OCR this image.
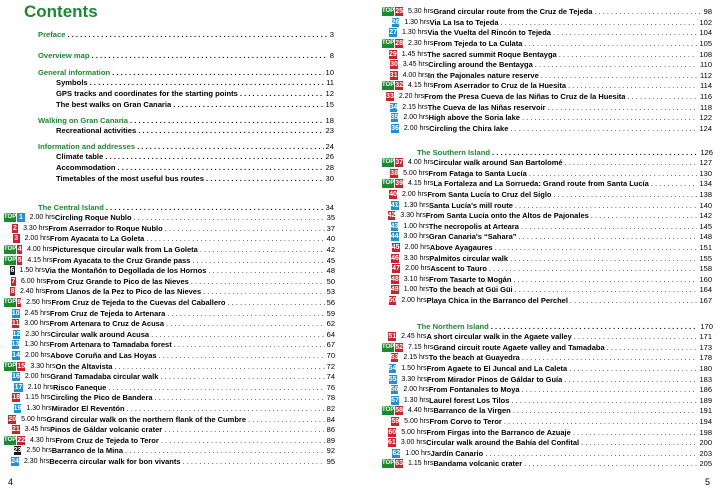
Contents
Preface . . .	3
Overview map . . .	8
General information . . .	10
Symbols . . .	11
GPS tracks and coordinates for the starting points . . .	12
The best walks on Gran Canaria . . .	15
Walking on Gran Canaria . . .	18
Recreational activities . . .	23
Information and addresses . . .	24
Climate table . . .	26
Accommodation . . .	28
Timetables of the most useful bus routes . . .	30
The Central Island . . .	34
TOP 1 2.00 hrs Circling Roque Nublo . . .	35
2 3.30 hrs From Aserrador to Roque Nublo . . .	37
3 2.00 hrs From Ayacata to La Goleta . . .	40
TOP 4 4.00 hrs Picturesque circular walk from La Goleta . . .	42
TOP 5 4.15 hrs From Ayacata to the Cruz Grande pass . . .	45
6 1.50 hrs Via the Montañón to Degollada de los Hornos . . .	48
7 6.00 hrs From Cruz Grande to Pico de las Nieves . . .	50
8 2.40 hrs From Llanos de la Pez to Pico de las Nieves . . .	53
TOP 9 2.50 hrs From Cruz de Tejeda to the Cuevas del Caballero . . .	56
10 2.45 hrs From Cruz de Tejeda to Artenara . . .	59
11 3.00 hrs From Artenara to Cruz de Acusa . . .	62
12 2.30 hrs Circular walk around Acusa . . .	64
13 1.30 hrs From Artenara to Tamadaba forest . . .	67
14 2.00 hrs Above Coruña and Las Hoyas . . .	70
TOP 15 3.30 hrs On the Altavista . . .	72
16 2.00 hrs Grand Tamadaba circular walk . . .	74
17 2.10 hrs Risco Faneque . . .	76
18 1.15 hrs Circling the Pico de Bandera . . .	78
19 1.30 hrs Mirador El Reventón . . .	82
20 5.00 hrs Grand circular walk on the northern flank of the Cumbre . . .	84
21 3.45 hrs Pinos de Gáldar volcanic crater . . .	86
TOP 22 4.30 hrs From Cruz de Tejeda to Teror . . .	89
23 2.50 hrs Barranco de la Mina . . .	92
24 2.30 hrs Becerra circular walk for bon vivants . . .	95
4
TOP 25 5.30 hrs Grand circular route from the Cruz de Tejeda . . .	98
26 1.30 hrs Via La Isa to Tejeda . . .	102
27 1.30 hrs Via the Vuelta del Rincón to Tejeda . . .	104
TOP 28 2.30 hrs From Tejeda to La Culata . . .	105
29 1.45 hrs The sacred summit Roque Bentayga . . .	108
30 3.45 hrs Circling around the Bentayga . . .	110
31 4.00 hrs In the Pajonales nature reserve . . .	112
TOP 32 4.15 hrs From Aserrador to Cruz de la Huesita . . .	114
33 2.20 hrs From the Presa Cueva de las Niñas to Cruz de la Huesita . . .	116
34 2.15 hrs The Cueva de las Niñas reservoir . . .	118
35 2.00 hrs High above the Soria lake . . .	122
36 2.00 hrs Circling the Chira lake . . .	124
The Southern Island . . .	126
TOP 37 4.00 hrs Circular walk around San Bartolomé . . .	127
38 5.00 hrs From Fataga to Santa Lucía . . .	130
TOP 39 4.15 hrs La Fortaleza and La Sorrueda: Grand route from Santa Lucía . . .	134
40 2.00 hrs From Santa Lucía to Cruz del Siglo . . .	138
41 1.30 hrs Santa Lucía's mill route . . .	140
42 3.30 hrs From Santa Lucía onto the Altos de Pajonales . . .	142
43 1.00 hrs The necropolis at Arteara . . .	145
44 3.00 hrs Gran Canaria's “Sahara” . . .	148
45 2.00 hrs Above Ayagaures . . .	151
46 3.30 hrs Palmitos circular walk . . .	155
47 2.00 hrs Ascent to Tauro . . .	158
48 3.10 hrs From Tasarte to Mogán . . .	160
49 1.00 hrs To the beach at Güi Güi . . .	164
50 2.00 hrs Playa Chica in the Barranco del Perchel . . .	167
The Northern Island . . .	170
51 2.45 hrs A short circular walk in the Agaete valley . . .	171
TOP 52 7.15 hrs Grand circuit route Agaete valley and Tamadaba . . .	173
53 2.15 hrs To the beach at Guayedra . . .	178
54 1.50 hrs From Agaete to El Juncal and La Caleta . . .	180
55 3.30 hrs From Mirador Pinos de Gáldar to Guía . . .	183
56 2.00 hrs From Fontanales to Moya . . .	186
57 1.30 hrs Laurel forest Los Tilos . . .	189
TOP 58 4.40 hrs Barranco de la Virgen . . .	191
59 5.00 hrs From Corvo to Teror . . .	194
60 5.00 hrs From Firgas into the Barranco de Azuaje . . .	198
61 3.00 hrs Circular walk around the Bahía del Confital . . .	200
62 1.00 hrs Jardín Canario . . .	203
TOP 63 1.15 hrs Bandama volcanic crater . . .	205
5
